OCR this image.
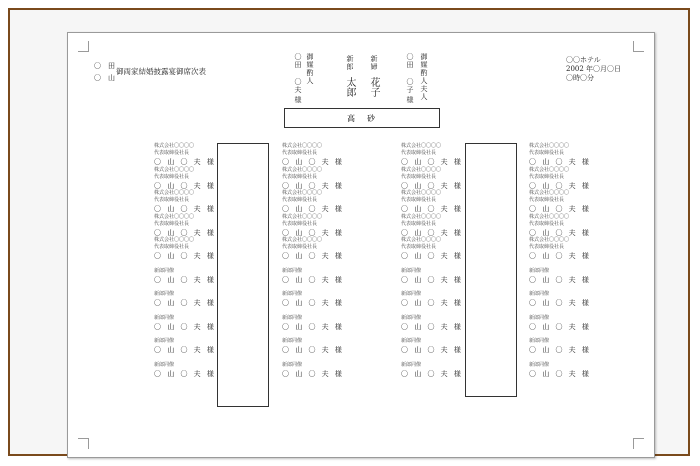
〇　田
〇　山
御両家結婚披露宴御席次表
〇〇ホテル
2002 年〇月〇日
〇時〇分
御媒酌人
〇田
〇夫
様
新郎
太郎
新婦
花子
〇田
〇子
様 御媒酌人夫人
高　砂
株式会社〇〇〇〇
代表取締役社長
〇 山 〇 夫 様
株式会社〇〇〇〇
代表取締役社長
〇 山 〇 夫 様
株式会社〇〇〇〇
代表取締役社長
〇 山 〇 夫 様
株式会社〇〇〇〇
代表取締役社長
〇 山 〇 夫 様
株式会社〇〇〇〇
代表取締役社長
〇 山 〇 夫 様
新郎同僚
〇 山 〇 夫 様
新郎同僚
〇 山 〇 夫 様
新郎同僚
〇 山 〇 夫 様
新郎同僚
〇 山 〇 夫 様
新郎同僚
〇 山 〇 夫 様
株式会社〇〇〇〇
代表取締役社長
〇 山 〇 夫 様
株式会社〇〇〇〇
代表取締役社長
〇 山 〇 夫 様
株式会社〇〇〇〇
代表取締役社長
〇 山 〇 夫 様
株式会社〇〇〇〇
代表取締役社長
〇 山 〇 夫 様
株式会社〇〇〇〇
代表取締役社長
〇 山 〇 夫 様
新郎同僚
〇 山 〇 夫 様
新郎同僚
〇 山 〇 夫 様
新郎同僚
〇 山 〇 夫 様
新郎同僚
〇 山 〇 夫 様
新郎同僚
〇 山 〇 夫 様
株式会社〇〇〇〇
代表取締役社長
〇 山 〇 夫 様
株式会社〇〇〇〇
代表取締役社長
〇 山 〇 夫 様
株式会社〇〇〇〇
代表取締役社長
〇 山 〇 夫 様
株式会社〇〇〇〇
代表取締役社長
〇 山 〇 夫 様
株式会社〇〇〇〇
代表取締役社長
〇 山 〇 夫 様
新郎同僚
〇 山 〇 夫 様
新郎同僚
〇 山 〇 夫 様
新郎同僚
〇 山 〇 夫 様
新郎同僚
〇 山 〇 夫 様
新郎同僚
〇 山 〇 夫 様
株式会社〇〇〇〇
代表取締役社長
〇 山 〇 夫 様
株式会社〇〇〇〇
代表取締役社長
〇 山 〇 夫 様
株式会社〇〇〇〇
代表取締役社長
〇 山 〇 夫 様
株式会社〇〇〇〇
代表取締役社長
〇 山 〇 夫 様
株式会社〇〇〇〇
代表取締役社長
〇 山 〇 夫 様
新郎同僚
〇 山 〇 夫 様
新郎同僚
〇 山 〇 夫 様
新郎同僚
〇 山 〇 夫 様
新郎同僚
〇 山 〇 夫 様
新郎同僚
〇 山 〇 夫 様
